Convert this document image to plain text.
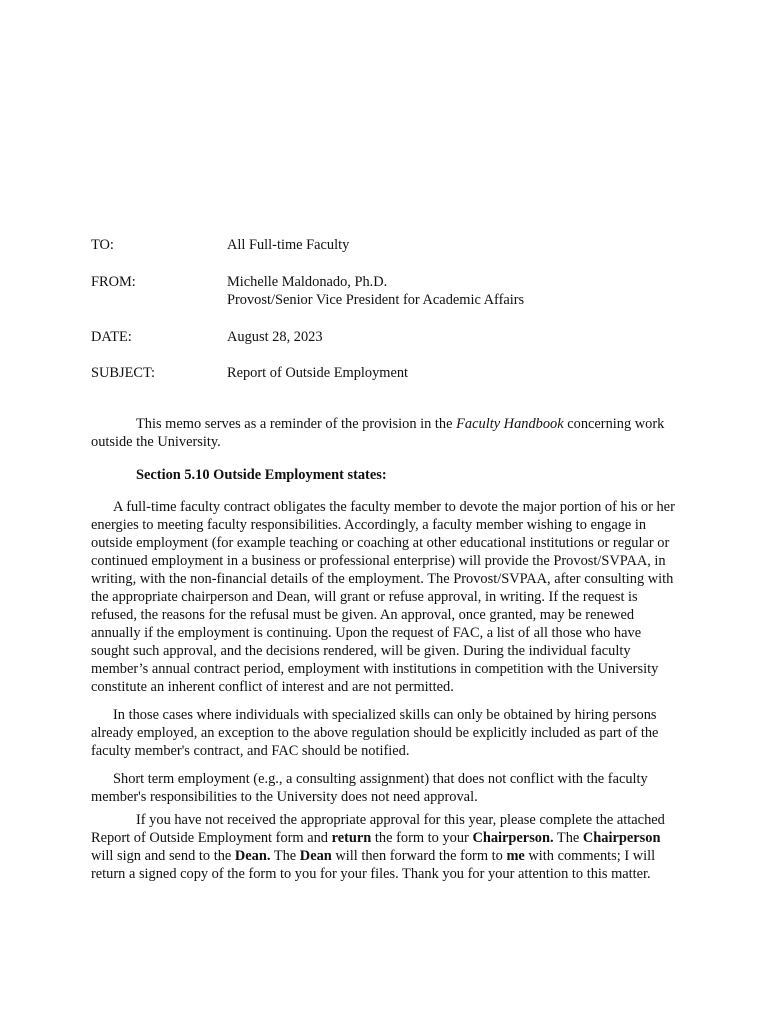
TO:	All Full-time Faculty
FROM:	Michelle Maldonado, Ph.D.
Provost/Senior Vice President for Academic Affairs
DATE:	August 28, 2023
SUBJECT:	Report of Outside Employment

This memo serves as a reminder of the provision in the Faculty Handbook concerning work outside the University.

Section 5.10 Outside Employment states:

A full-time faculty contract obligates the faculty member to devote the major portion of his or her energies to meeting faculty responsibilities. Accordingly, a faculty member wishing to engage in outside employment (for example teaching or coaching at other educational institutions or regular or continued employment in a business or professional enterprise) will provide the Provost/SVPAA, in writing, with the non-financial details of the employment. The Provost/SVPAA, after consulting with the appropriate chairperson and Dean, will grant or refuse approval, in writing. If the request is refused, the reasons for the refusal must be given. An approval, once granted, may be renewed annually if the employment is continuing. Upon the request of FAC, a list of all those who have sought such approval, and the decisions rendered, will be given. During the individual faculty member’s annual contract period, employment with institutions in competition with the University constitute an inherent conflict of interest and are not permitted.

In those cases where individuals with specialized skills can only be obtained by hiring persons already employed, an exception to the above regulation should be explicitly included as part of the faculty member's contract, and FAC should be notified.

Short term employment (e.g., a consulting assignment) that does not conflict with the faculty member's responsibilities to the University does not need approval.

If you have not received the appropriate approval for this year, please complete the attached Report of Outside Employment form and return the form to your Chairperson. The Chairperson will sign and send to the Dean. The Dean will then forward the form to me with comments; I will return a signed copy of the form to you for your files. Thank you for your attention to this matter.
